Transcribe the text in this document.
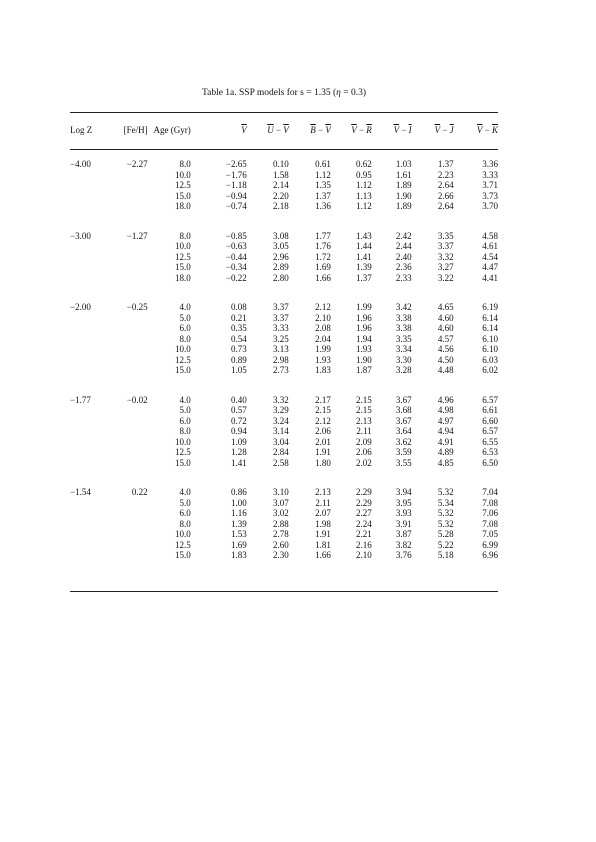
Table 1a. SSP models for s = 1.35 (η = 0.3)
Log Z	[Fe/H]	Age (Gyr)	$\overline{V}$	$\overline{U} - \overline{V}$	$\overline{B} - \overline{V}$	$\overline{V} - \overline{R}$	$\overline{V} - \overline{I}$	$\overline{V} - \overline{J}$	$\overline{V} - \overline{K}$

−4.00	−2.27	8.0	−2.65	0.10	0.61	0.62	1.03	1.37	3.36
		10.0	−1.76	1.58	1.12	0.95	1.61	2.23	3.33
		12.5	−1.18	2.14	1.35	1.12	1.89	2.64	3.71
		15.0	−0.94	2.20	1.37	1.13	1.90	2.66	3.73
		18.0	−0.74	2.18	1.36	1.12	1.89	2.64	3.70

−3.00	−1.27	8.0	−0.85	3.08	1.77	1.43	2.42	3.35	4.58
		10.0	−0.63	3.05	1.76	1.44	2.44	3.37	4.61
		12.5	−0.44	2.96	1.72	1.41	2.40	3.32	4.54
		15.0	−0.34	2.89	1.69	1.39	2.36	3.27	4.47
		18.0	−0.22	2.80	1.66	1.37	2.33	3.22	4.41

−2.00	−0.25	4.0	0.08	3.37	2.12	1.99	3.42	4.65	6.19
		5.0	0.21	3.37	2.10	1.96	3.38	4.60	6.14
		6.0	0.35	3.33	2.08	1.96	3.38	4.60	6.14
		8.0	0.54	3.25	2.04	1.94	3.35	4.57	6.10
		10.0	0.73	3.13	1.99	1.93	3.34	4.56	6.10
		12.5	0.89	2.98	1.93	1.90	3.30	4.50	6.03
		15.0	1.05	2.73	1.83	1.87	3.28	4.48	6.02

−1.77	−0.02	4.0	0.40	3.32	2.17	2.15	3.67	4.96	6.57
		5.0	0.57	3.29	2.15	2.15	3.68	4.98	6.61
		6.0	0.72	3.24	2.12	2.13	3.67	4.97	6.60
		8.0	0.94	3.14	2.06	2.11	3.64	4.94	6.57
		10.0	1.09	3.04	2.01	2.09	3.62	4.91	6.55
		12.5	1.28	2.84	1.91	2.06	3.59	4.89	6.53
		15.0	1.41	2.58	1.80	2.02	3.55	4.85	6.50

−1.54	0.22	4.0	0.86	3.10	2.13	2.29	3.94	5.32	7.04
		5.0	1.00	3.07	2.11	2.29	3.95	5.34	7.08
		6.0	1.16	3.02	2.07	2.27	3.93	5.32	7.06
		8.0	1.39	2.88	1.98	2.24	3.91	5.32	7.08
		10.0	1.53	2.78	1.91	2.21	3.87	5.28	7.05
		12.5	1.69	2.60	1.81	2.16	3.82	5.22	6.99
		15.0	1.83	2.30	1.66	2.10	3.76	5.18	6.96
